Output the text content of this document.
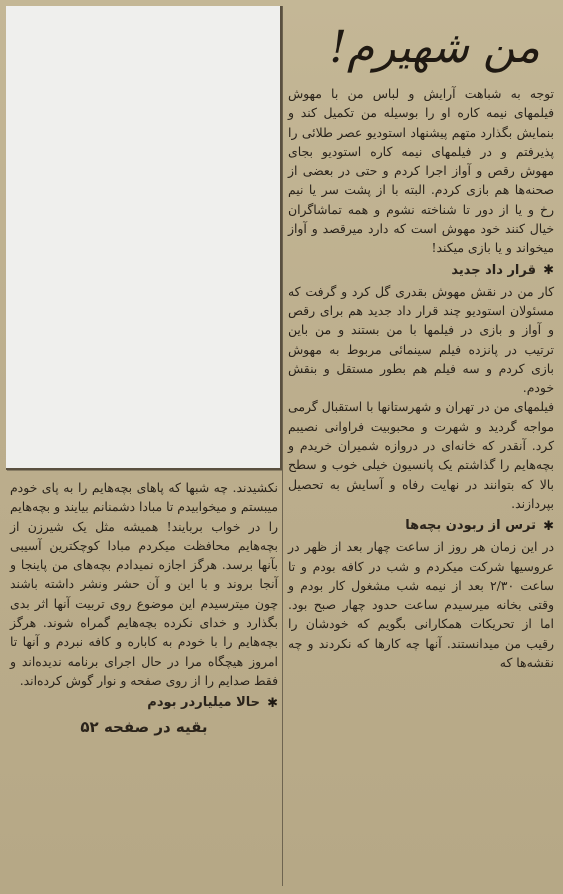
من شهیرم!

توجه به شباهت آرایش و لباس من با مهوش فیلمهای نیمه کاره او را بوسیله من تکمیل کند و بنمایش بگذارد متهم پیشنهاد استودیو عصر طلائی را پذیرفتم و در فیلمهای نیمه کاره استودیو بجای مهوش رقص و آواز اجرا کردم و حتی در بعضی از صحنه‌ها هم بازی کردم. البته با از پشت سر یا نیم رخ و یا از دور تا شناخته نشوم و همه تماشاگران خیال کنند خود مهوش است که دارد میرقصد و آواز میخواند و یا بازی میکند!

✱
قرار داد جدید

کار من در نقش مهوش بقدری گل کرد و گرفت که مسئولان استودیو چند قرار داد جدید هم برای رقص و آواز و بازی در فیلمها با من بستند و من باین ترتیب در پانزده فیلم سینمائی مربوط به مهوش بازی کردم و سه فیلم هم بطور مستقل و بنقش خودم.

فیلمهای من در تهران و شهرستانها با استقبال گرمی مواجه گردید و شهرت و محبوبیت فراوانی نصیبم کرد. آنقدر که خانه‌ای در دروازه شمیران خریدم و بچه‌هایم را گذاشتم یک پانسیون خیلی خوب و سطح بالا که بتوانند در نهایت رفاه و آسایش به تحصیل بپردازند.

✱
ترس از ربودن بچه‌ها

در این زمان هر روز از ساعت چهار بعد از ظهر در عروسیها شرکت میکردم و شب در کافه بودم و تا ساعت ۲/۳۰ بعد از نیمه شب مشغول کار بودم و وقتی بخانه میرسیدم ساعت حدود چهار صبح بود. اما از تحریکات همکارانی بگویم که خودشان را رقیب من میدانستند. آنها چه کارها که نکردند و چه نقشه‌ها که

نکشیدند. چه شبها که پاهای بچه‌هایم را به پای خودم میبستم و میخوابیدم تا مبادا دشمنانم بیایند و بچه‌هایم را در خواب بربایند! همیشه مثل یک شیرزن از بچه‌هایم محافظت میکردم مبادا کوچکترین آسیبی بآنها برسد. هرگز اجازه نمیدادم بچه‌های من پاینجا و آنجا بروند و با این و آن حشر ونشر داشته باشند چون میترسیدم این موضوع روی تربیت آنها اثر بدی بگذارد و خدای نکرده بچه‌هایم گمراه شوند. هرگز بچه‌هایم را با خودم به کاباره و کافه نبردم و آنها تا امروز هیچگاه مرا در حال اجرای برنامه ندیده‌اند و فقط صدایم را از روی صفحه و نوار گوش کرده‌اند.

✱
حالا میلیاردر بودم
بقیه در صفحه ۵۲
